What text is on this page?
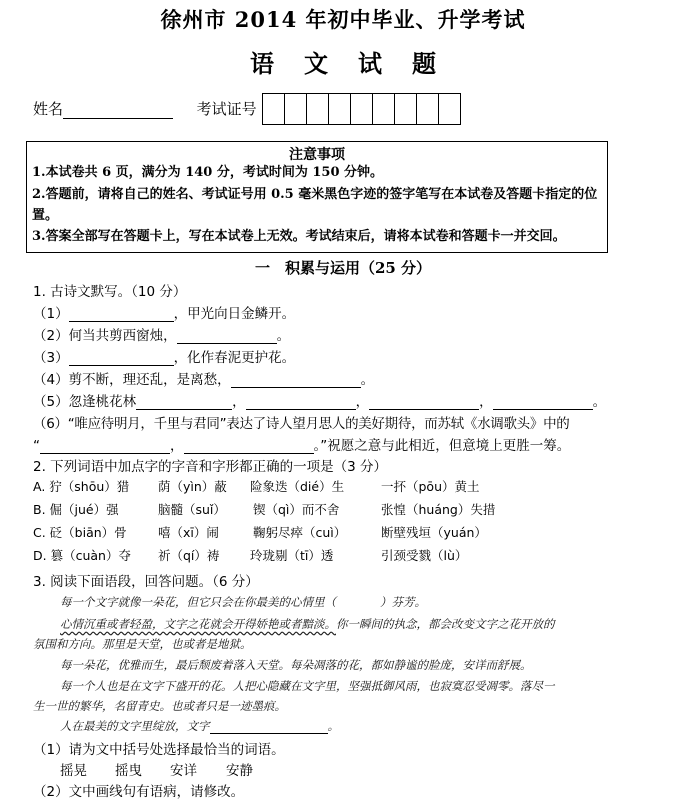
徐州市 2014 年初中毕业、升学考试
语文试题
姓名	考试证号
注意事项
1.本试卷共 6 页，满分为 140 分，考试时间为 150 分钟。
2.答题前，请将自己的姓名、考试证号用 0.5 毫米黑色字迹的签字笔写在本试卷及答题卡指定的位置。
3.答案全部写在答题卡上，写在本试卷上无效。考试结束后，请将本试卷和答题卡一并交回。
一　积累与运用（25 分）
1. 古诗文默写。（10 分）
（1）	，甲光向日金鳞开。
（2）何当共剪西窗烛，	。
（3）	，化作春泥更护花。
（4）剪不断，理还乱，是离愁，	。
（5）忽逢桃花林	，	，	，	。
（6）“唯应待明月，千里与君同”表达了诗人望月思人的美好期待，而苏轼《水调歌头》中的
“	，	。”祝愿之意与此相近，但意境上更胜一筹。
2. 下列词语中加点字的字音和字形都正确的一项是（3 分）
A. 狞（shōu）猎 荫（yìn）蔽 险象迭（dié）生	一抔（pōu）黄土
B. 倔（jué）强	脑髓（suǐ） 锲（qì）而不舍	张惶（huáng）失措
C. 砭（biān）骨	嘻（xī）闹	鞠躬尽瘁（cuì）	断壁残垣（yuán）
D. 篡（cuàn）夺 祈（qí）祷 玲珑剔（tī）透	引颈受戮（lù）
3. 阅读下面语段，回答问题。（6 分）
每一个文字就像一朵花，但它只会在你最美的心情里（	）芬芳。
心情沉重或者轻盈，文字之花就会开得娇艳或者黯淡。你一瞬间的执念，都会改变文字之花开放的
氛围和方向。那里是天堂，也或者是地狱。
每一朵花，优雅而生，最后颓废着落入天堂。每朵凋落的花，都如静谧的脸庞，安详而舒展。
每一个人也是在文字下盛开的花。人把心隐藏在文字里，坚强抵御风雨，也寂寞忍受凋零。落尽一
生一世的繁华，名留青史。也或者只是一迹墨痕。
人在最美的文字里绽放，文字	。
（1）请为文中括号处选择最恰当的词语。
摇晃 摇曳 安详 安静
（2）文中画线句有语病，请修改。
